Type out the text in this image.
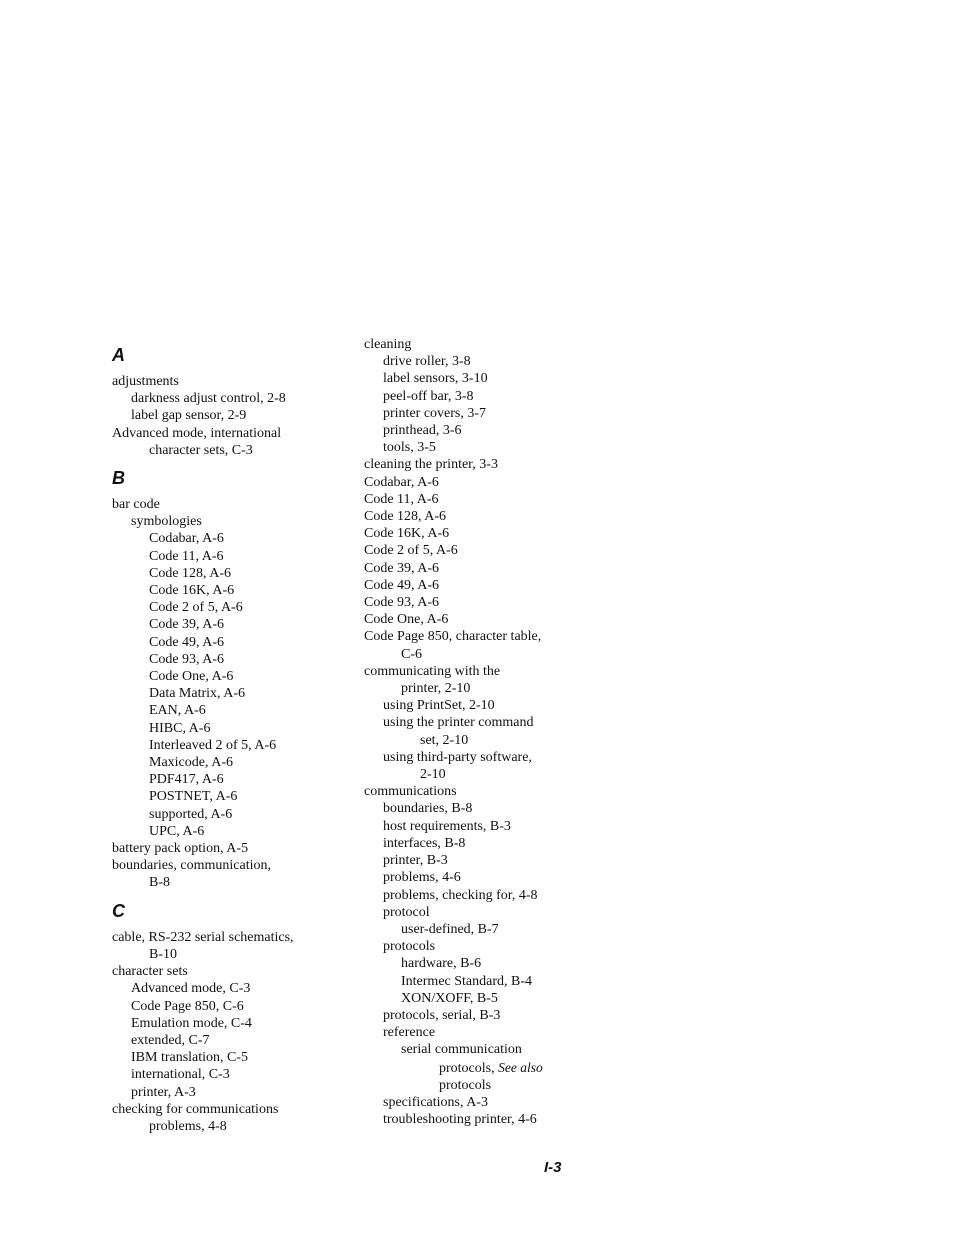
A
adjustments
darkness adjust control, 2-8
label gap sensor, 2-9
Advanced mode, international
character sets, C-3
B
bar code
symbologies
Codabar, A-6
Code 11, A-6
Code 128, A-6
Code 16K, A-6
Code 2 of 5, A-6
Code 39, A-6
Code 49, A-6
Code 93, A-6
Code One, A-6
Data Matrix, A-6
EAN, A-6
HIBC, A-6
Interleaved 2 of 5, A-6
Maxicode, A-6
PDF417, A-6
POSTNET, A-6
supported, A-6
UPC, A-6
battery pack option, A-5
boundaries, communication,
B-8
C
cable, RS-232 serial schematics,
B-10
character sets
Advanced mode, C-3
Code Page 850, C-6
Emulation mode, C-4
extended, C-7
IBM translation, C-5
international, C-3
printer, A-3
checking for communications
problems, 4-8
cleaning
drive roller, 3-8
label sensors, 3-10
peel-off bar, 3-8
printer covers, 3-7
printhead, 3-6
tools, 3-5
cleaning the printer, 3-3
Codabar, A-6
Code 11, A-6
Code 128, A-6
Code 16K, A-6
Code 2 of 5, A-6
Code 39, A-6
Code 49, A-6
Code 93, A-6
Code One, A-6
Code Page 850, character table,
C-6
communicating with the
printer, 2-10
using PrintSet, 2-10
using the printer command
set, 2-10
using third-party software,
2-10
communications
boundaries, B-8
host requirements, B-3
interfaces, B-8
printer, B-3
problems, 4-6
problems, checking for, 4-8
protocol
user-defined, B-7
protocols
hardware, B-6
Intermec Standard, B-4
XON/XOFF, B-5
protocols, serial, B-3
reference
serial communication
protocols, See also
protocols
specifications, A-3
troubleshooting printer, 4-6
I-3
